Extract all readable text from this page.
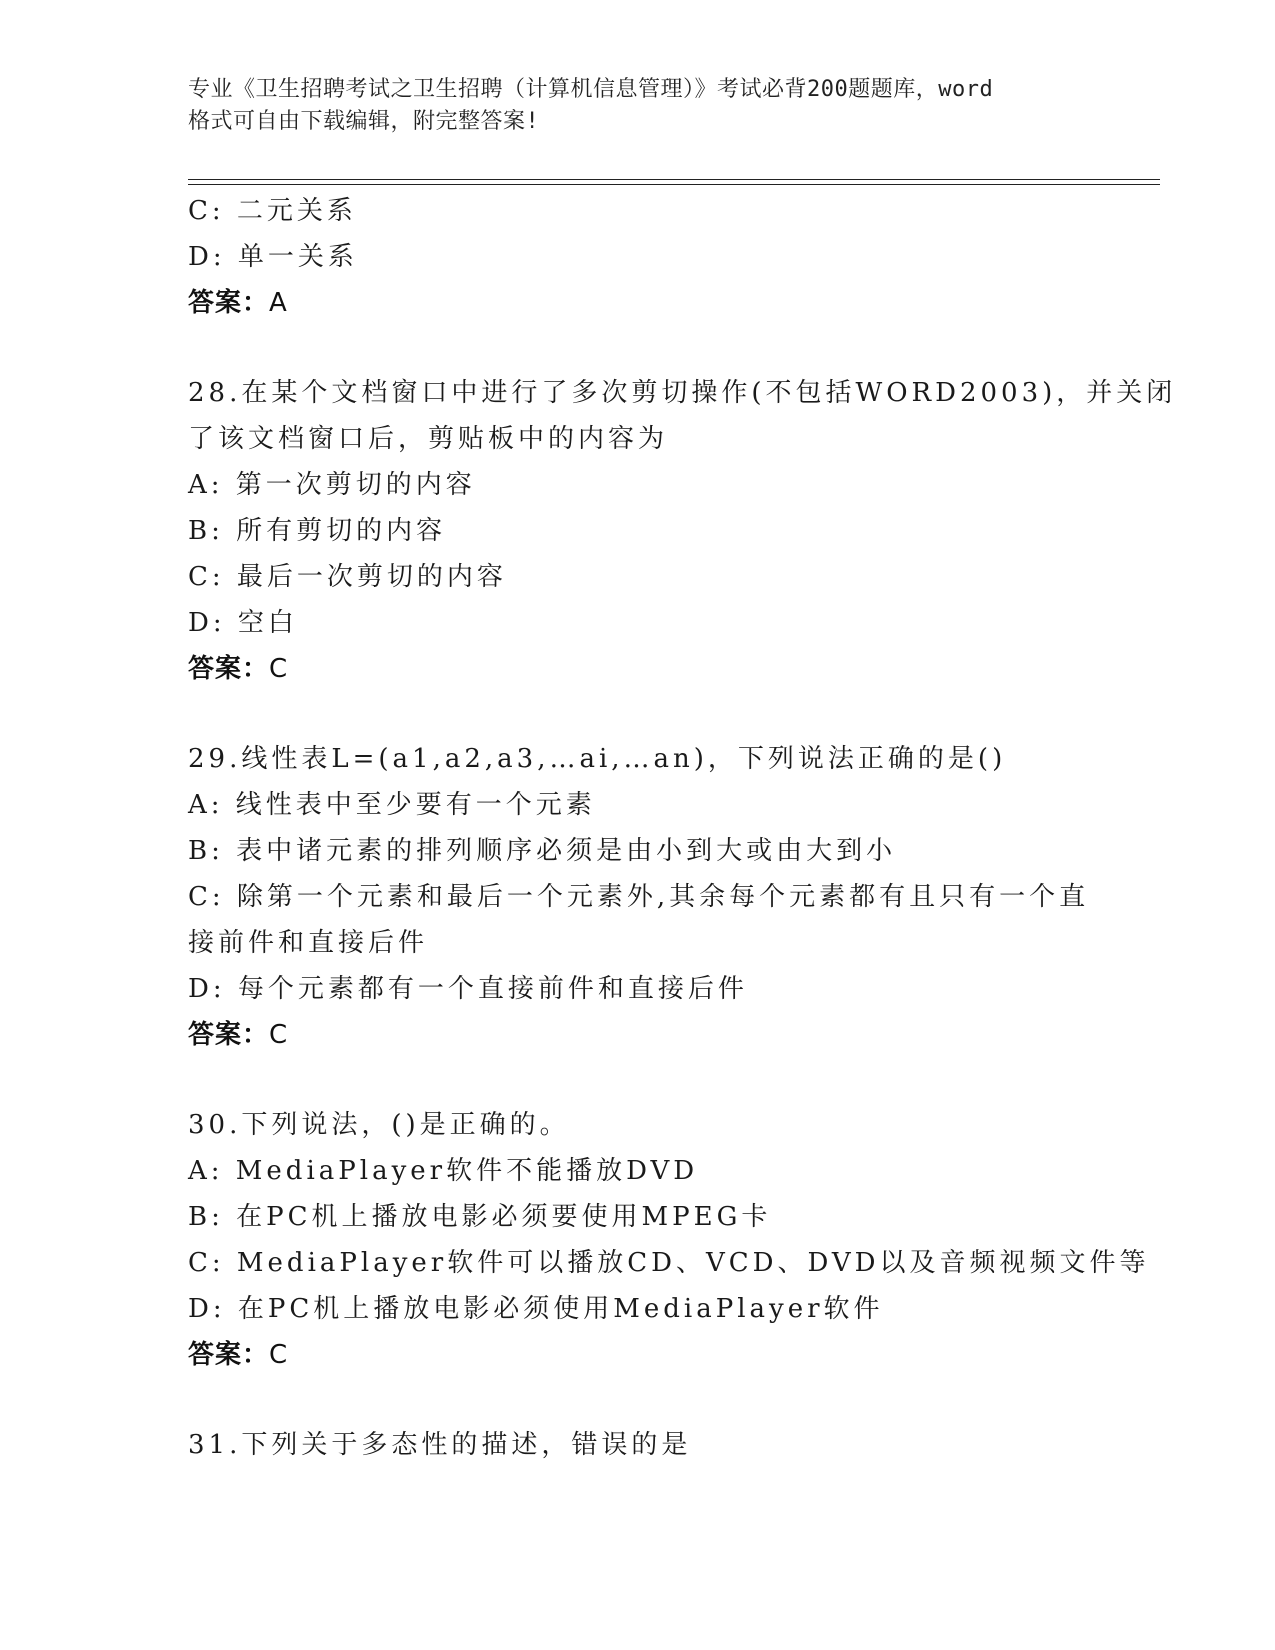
专业《卫生招聘考试之卫生招聘（计算机信息管理）》考试必背200题题库，word
格式可自由下载编辑，附完整答案!
C: 二元关系
D: 单一关系
答案：A
28.在某个文档窗口中进行了多次剪切操作(不包括WORD2003)，并关闭
了该文档窗口后，剪贴板中的内容为
A: 第一次剪切的内容
B: 所有剪切的内容
C: 最后一次剪切的内容
D: 空白
答案：C
29.线性表L=(a1,a2,a3,…ai,…an)，下列说法正确的是()
A: 线性表中至少要有一个元素
B: 表中诸元素的排列顺序必须是由小到大或由大到小
C: 除第一个元素和最后一个元素外,其余每个元素都有且只有一个直
接前件和直接后件
D: 每个元素都有一个直接前件和直接后件
答案：C
30.下列说法，()是正确的。
A: MediaPlayer软件不能播放DVD
B: 在PC机上播放电影必须要使用MPEG卡
C: MediaPlayer软件可以播放CD、VCD、DVD以及音频视频文件等
D: 在PC机上播放电影必须使用MediaPlayer软件
答案：C
31.下列关于多态性的描述，错误的是
